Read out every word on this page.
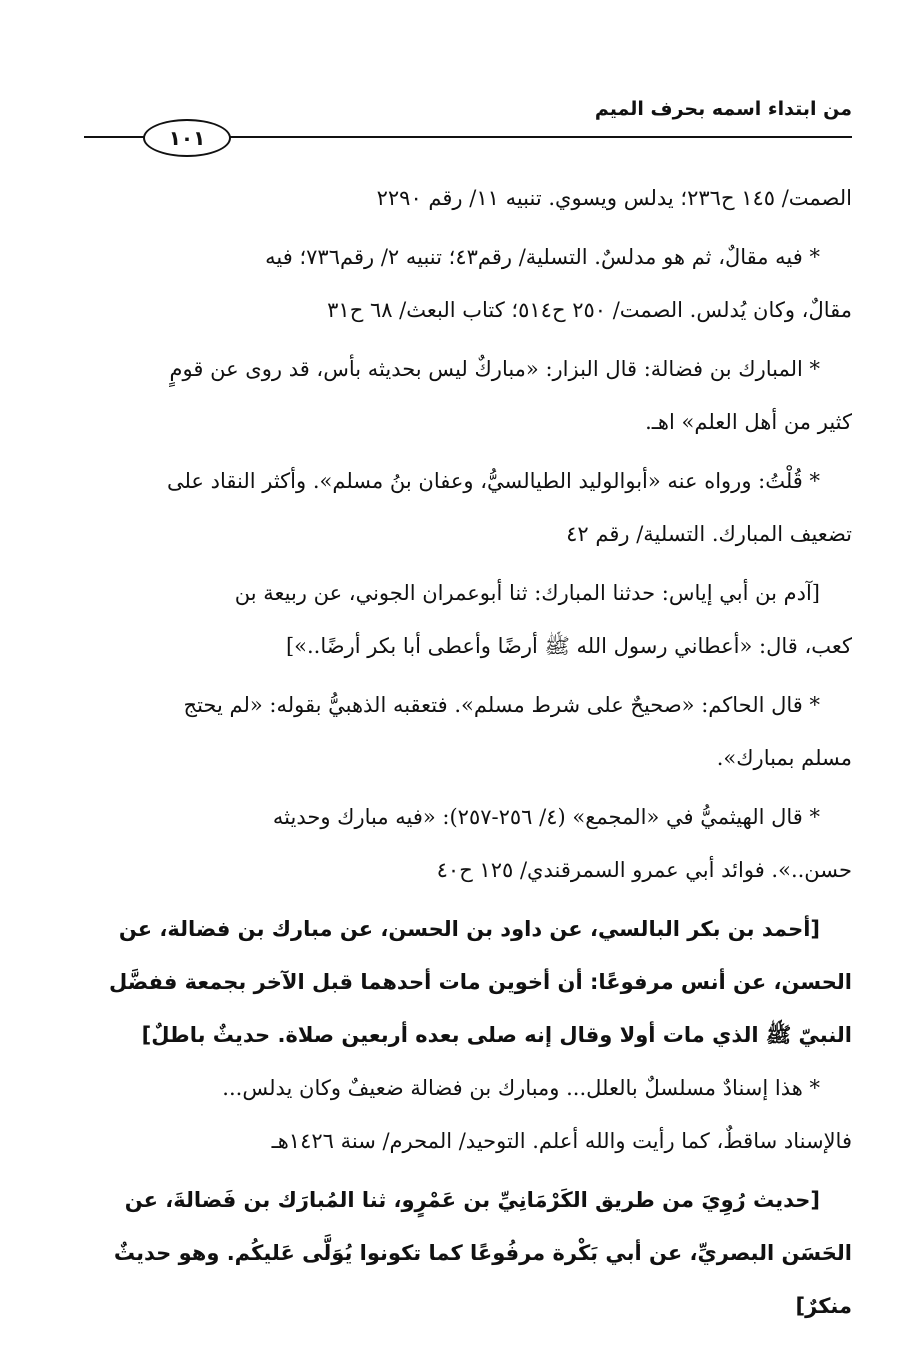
من ابتداء اسمه بحرف الميم
١٠١
الصمت/ ١٤٥ ح٢٣٦؛ يدلس ويسوي. تنبيه ١١/ رقم ٢٢٩٠
* فيه مقالٌ، ثم هو مدلسٌ. التسلية/ رقم٤٣؛ تنبيه ٢/ رقم٧٣٦؛ فيه
مقالٌ، وكان يُدلس. الصمت/ ٢٥٠ ح٥١٤؛ كتاب البعث/ ٦٨ ح٣١
* المبارك بن فضالة: قال البزار: «مباركٌ ليس بحديثه بأس، قد روى عن قومٍ
كثير من أهل العلم» اهـ.
* قُلْتُ: ورواه عنه «أبوالوليد الطيالسيُّ، وعفان بنُ مسلم». وأكثر النقاد على
تضعيف المبارك. التسلية/ رقم ٤٢
[آدم بن أبي إياس: حدثنا المبارك: ثنا أبوعمران الجوني، عن ربيعة بن
كعب، قال: «أعطاني رسول الله ﷺ أرضًا وأعطى أبا بكر أرضًا..»]
* قال الحاكم: «صحيحٌ على شرط مسلم». فتعقبه الذهبيُّ بقوله: «لم يحتج
مسلم بمبارك».
* قال الهيثميُّ في «المجمع» (٤/ ٢٥٦-٢٥٧): «فيه مبارك وحديثه
حسن..». فوائد أبي عمرو السمرقندي/ ١٢٥ ح٤٠
[أحمد بن بكر البالسي، عن داود بن الحسن، عن مبارك بن فضالة، عن
الحسن، عن أنس مرفوعًا: أن أخوين مات أحدهما قبل الآخر بجمعة ففضَّل
النبيّ ﷺ الذي مات أولا وقال إنه صلى بعده أربعين صلاة. حديثٌ باطلٌ]
* هذا إسنادٌ مسلسلٌ بالعلل... ومبارك بن فضالة ضعيفٌ وكان يدلس...
فالإسناد ساقطٌ، كما رأيت والله أعلم. التوحيد/ المحرم/ سنة ١٤٢٦هـ
[حديث رُوِيَ من طريق الكَرْمَانِيِّ بن عَمْرٍو، ثنا المُبارَك بن فَضالةَ، عن
الحَسَن البصريِّ، عن أبي بَكْرة مرفُوعًا كما تكونوا يُوَلَّى عَليكُم. وهو حديثٌ
منكرٌ]
